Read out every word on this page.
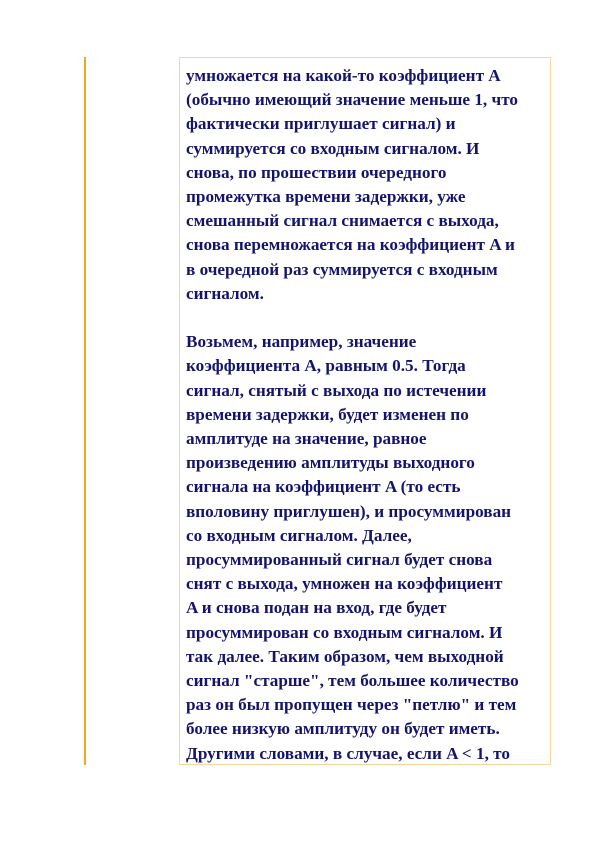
умножается на какой-то коэффициент A
(обычно имеющий значение меньше 1, что
фактически приглушает сигнал) и
суммируется со входным сигналом. И
снова, по прошествии очередного
промежутка времени задержки, уже
смешанный сигнал снимается с выхода,
снова перемножается на коэффициент A и
в очередной раз суммируется с входным
сигналом.
Возьмем, например, значение
коэффициента A, равным 0.5. Тогда
сигнал, снятый с выхода по истечении
времени задержки, будет изменен по
амплитуде на значение, равное
произведению амплитуды выходного
сигнала на коэффициент A (то есть
вполовину приглушен), и просуммирован
со входным сигналом. Далее,
просуммированный сигнал будет снова
снят с выхода, умножен на коэффициент
A и снова подан на вход, где будет
просуммирован со входным сигналом. И
так далее. Таким образом, чем выходной
сигнал "старше", тем большее количество
раз он был пропущен через "петлю" и тем
более низкую амплитуду он будет иметь.
Другими словами, в случае, если A < 1, то
